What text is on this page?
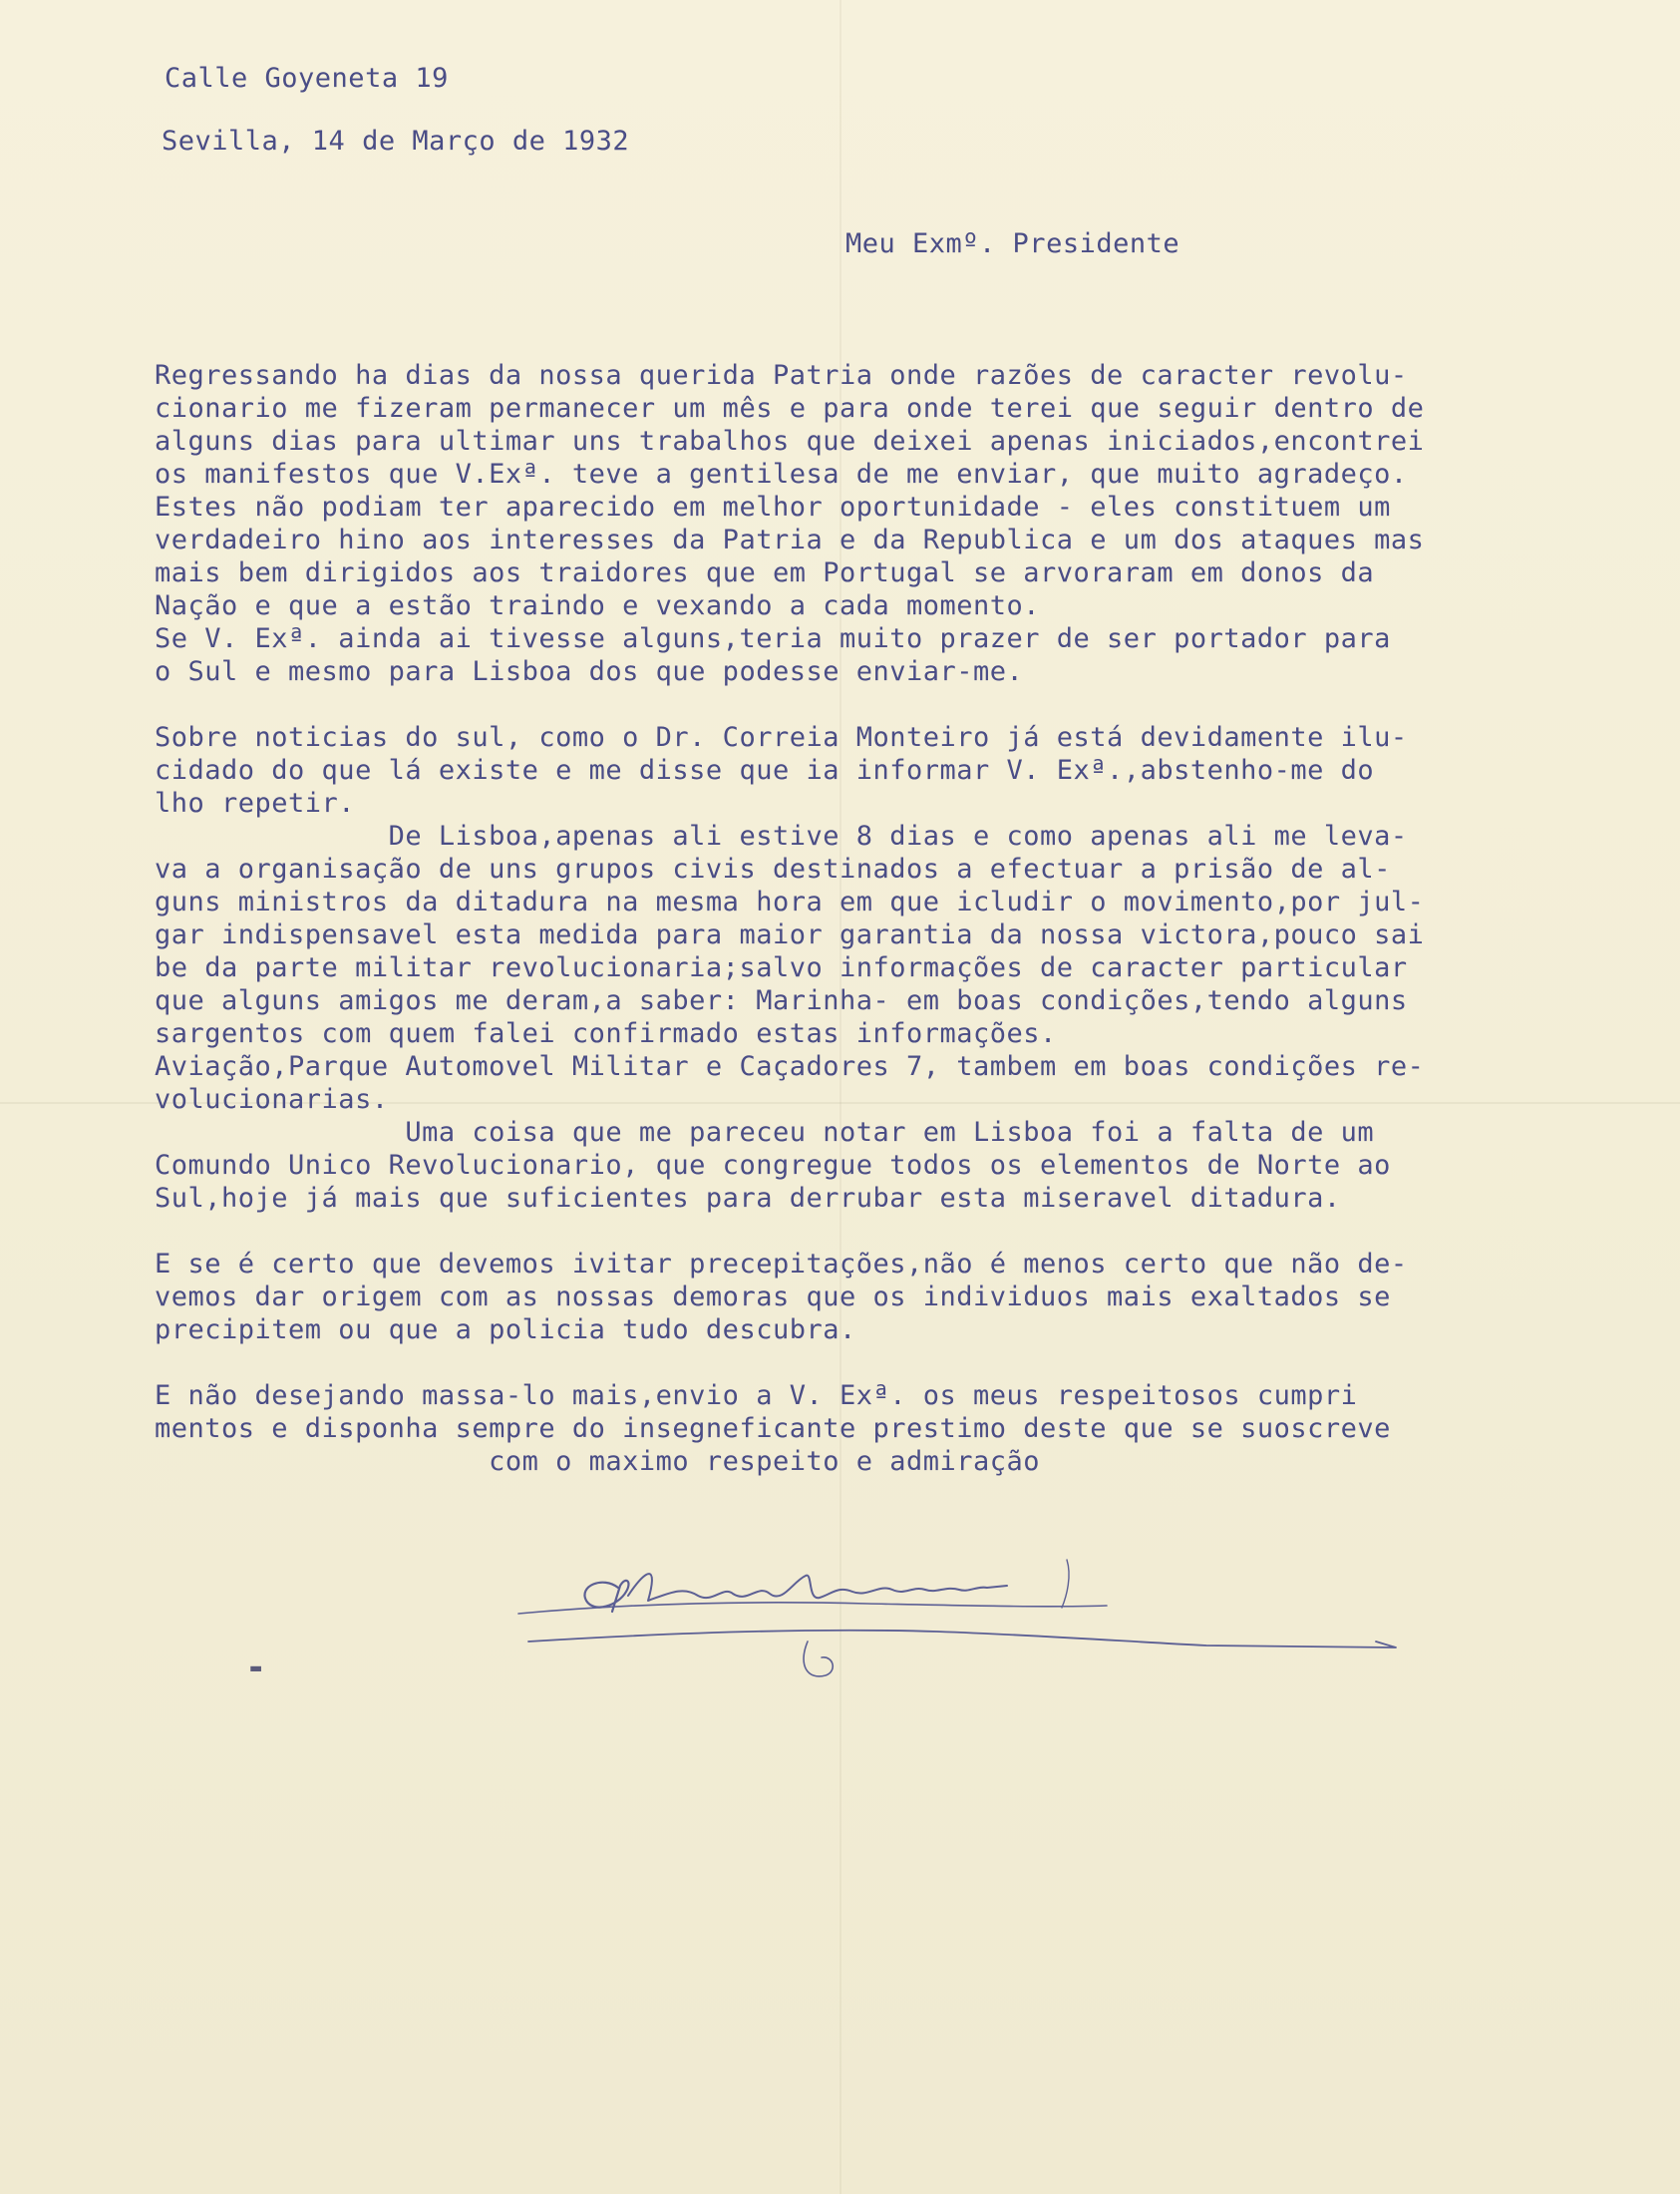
Calle Goyeneta 19
Sevilla, 14 de Março de 1932
Meu Exmº. Presidente
Regressando ha dias da nossa querida Patria onde razões de caracter revolu-
cionario me fizeram permanecer um mês e para onde terei que seguir dentro de
alguns dias para ultimar uns trabalhos que deixei apenas iniciados,encontrei
os manifestos que V.Exª. teve a gentilesa de me enviar, que muito agradeço.
Estes não podiam ter aparecido em melhor oportunidade - eles constituem um
verdadeiro hino aos interesses da Patria e da Republica e um dos ataques mas
mais bem dirigidos aos traidores que em Portugal se arvoraram em donos da
Nação e que a estão traindo e vexando a cada momento.
Se V. Exª. ainda ai tivesse alguns,teria muito prazer de ser portador para
o Sul e mesmo para Lisboa dos que podesse enviar-me.

Sobre noticias do sul, como o Dr. Correia Monteiro já está devidamente ilu-
cidado do que lá existe e me disse que ia informar V. Exª.,abstenho-me do
lho repetir.
De Lisboa,apenas ali estive 8 dias e como apenas ali me leva-
va a organisação de uns grupos civis destinados a efectuar a prisão de al-
guns ministros da ditadura na mesma hora em que icludir o movimento,por jul-
gar indispensavel esta medida para maior garantia da nossa victora,pouco sai
be da parte militar revolucionaria;salvo informações de caracter particular
que alguns amigos me deram,a saber: Marinha- em boas condições,tendo alguns
sargentos com quem falei confirmado estas informações.
Aviação,Parque Automovel Militar e Caçadores 7, tambem em boas condições re-
volucionarias.
Uma coisa que me pareceu notar em Lisboa foi a falta de um
Comundo Unico Revolucionario, que congregue todos os elementos de Norte ao
Sul,hoje já mais que suficientes para derrubar esta miseravel ditadura.

E se é certo que devemos ivitar precepitações,não é menos certo que não de-
vemos dar origem com as nossas demoras que os individuos mais exaltados se
precipitem ou que a policia tudo descubra.

E não desejando massa-lo mais,envio a V. Exª. os meus respeitosos cumpri
mentos e disponha sempre do insegneficante prestimo deste que se suoscreve
com o maximo respeito e admiração
▬
